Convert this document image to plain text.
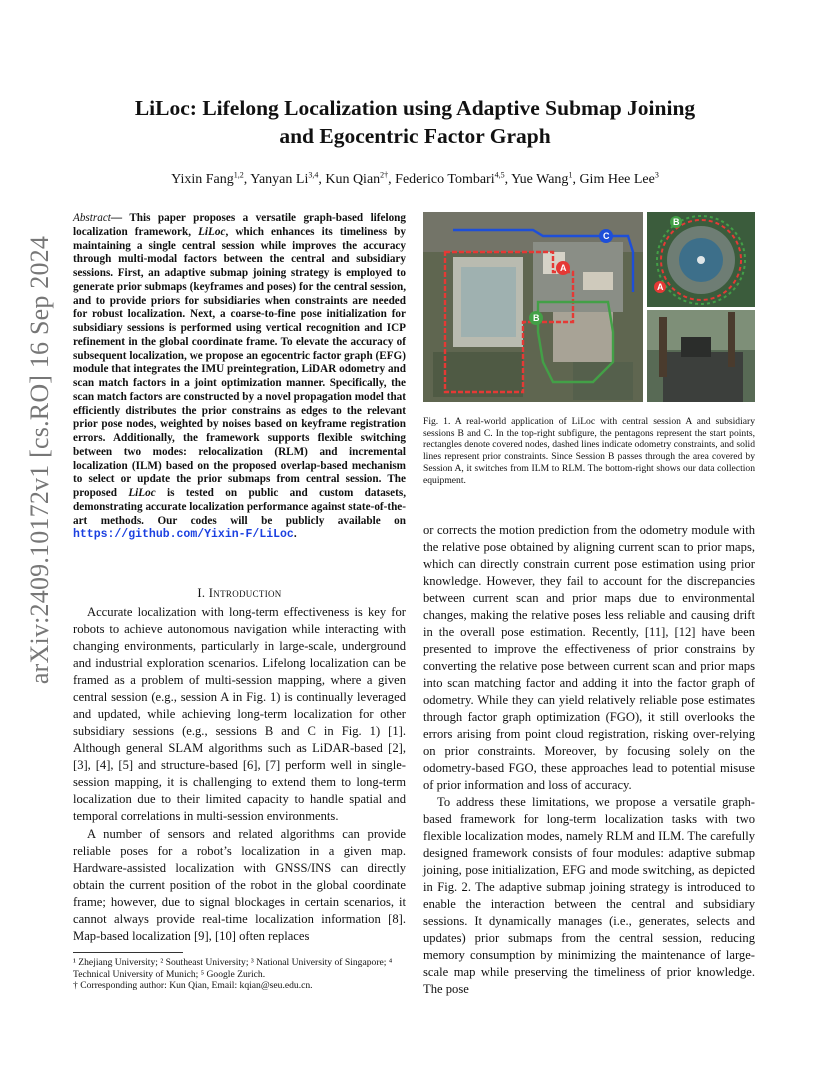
arXiv:2409.10172v1 [cs.RO] 16 Sep 2024
LiLoc: Lifelong Localization using Adaptive Submap Joining
and Egocentric Factor Graph
Yixin Fang$^{1,2}$, Yanyan Li$^{3,4}$, Kun Qian$^{2\dagger}$, Federico Tombari$^{4,5}$, Yue Wang$^1$, Gim Hee Lee$^3$
Abstract— This paper proposes a versatile graph-based lifelong localization framework, LiLoc, which enhances its timeliness by maintaining a single central session while improves the accuracy through multi-modal factors between the central and subsidiary sessions. First, an adaptive submap joining strategy is employed to generate prior submaps (keyframes and poses) for the central session, and to provide priors for subsidiaries when constraints are needed for robust localization. Next, a coarse-to-fine pose initialization for subsidiary sessions is performed using vertical recognition and ICP refinement in the global coordinate frame. To elevate the accuracy of subsequent localization, we propose an egocentric factor graph (EFG) module that integrates the IMU preintegration, LiDAR odometry and scan match factors in a joint optimization manner. Specifically, the scan match factors are constructed by a novel propagation model that efficiently distributes the prior constrains as edges to the relevant prior pose nodes, weighted by noises based on keyframe registration errors. Additionally, the framework supports flexible switching between two modes: relocalization (RLM) and incremental localization (ILM) based on the proposed overlap-based mechanism to select or update the prior submaps from central session. The proposed LiLoc is tested on public and custom datasets, demonstrating accurate localization performance against state-of-the-art methods. Our codes will be publicly available on https://github.com/Yixin-F/LiLoc.
I. Introduction

Accurate localization with long-term effectiveness is key for robots to achieve autonomous navigation while interacting with changing environments, particularly in large-scale, underground and industrial exploration scenarios. Lifelong localization can be framed as a problem of multi-session mapping, where a given central session (e.g., session A in Fig. 1) is continually leveraged and updated, while achieving long-term localization for other subsidiary sessions (e.g., sessions B and C in Fig. 1) [1]. Although general SLAM algorithms such as LiDAR-based [2], [3], [4], [5] and structure-based [6], [7] perform well in single-session mapping, it is challenging to extend them to long-term localization due to their limited capacity to handle spatial and temporal correlations in multi-session environments.

A number of sensors and related algorithms can provide reliable poses for a robot’s localization in a given map. Hardware-assisted localization with GNSS/INS can directly obtain the current position of the robot in the global coordinate frame; however, due to signal blockages in certain scenarios, it cannot always provide real-time localization information [8]. Map-based localization [9], [10] often replaces

¹ Zhejiang University; ² Southeast University; ³ National University of Singapore; ⁴ Technical University of Munich; ⁵ Google Zurich.
† Corresponding author: Kun Qian, Email: kqian@seu.edu.cn.
A
B
C
B
A
Fig. 1. A real-world application of LiLoc with central session A and subsidiary sessions B and C. In the top-right subfigure, the pentagons represent the start points, rectangles denote covered nodes, dashed lines indicate odometry constraints, and solid lines represent prior constraints. Since Session B passes through the area covered by Session A, it switches from ILM to RLM. The bottom-right shows our data collection equipment.

or corrects the motion prediction from the odometry module with the relative pose obtained by aligning current scan to prior maps, which can directly constrain current pose estimation using prior knowledge. However, they fail to account for the discrepancies between current scan and prior maps due to environmental changes, making the relative poses less reliable and causing drift in the overall pose estimation. Recently, [11], [12] have been presented to improve the effectiveness of prior constrains by converting the relative pose between current scan and prior maps into scan matching factor and adding it into the factor graph of odometry. While they can yield relatively reliable pose estimates through factor graph optimization (FGO), it still overlooks the errors arising from point cloud registration, risking over-relying on prior constraints. Moreover, by focusing solely on the odometry-based FGO, these approaches lead to potential misuse of prior information and loss of accuracy.

To address these limitations, we propose a versatile graph-based framework for long-term localization tasks with two flexible localization modes, namely RLM and ILM. The carefully designed framework consists of four modules: adaptive submap joining, pose initialization, EFG and mode switching, as depicted in Fig. 2. The adaptive submap joining strategy is introduced to enable the interaction between the central and subsidiary sessions. It dynamically manages (i.e., generates, selects and updates) prior submaps from the central session, reducing memory consumption by minimizing the maintenance of large-scale map while preserving the timeliness of prior knowledge. The pose
